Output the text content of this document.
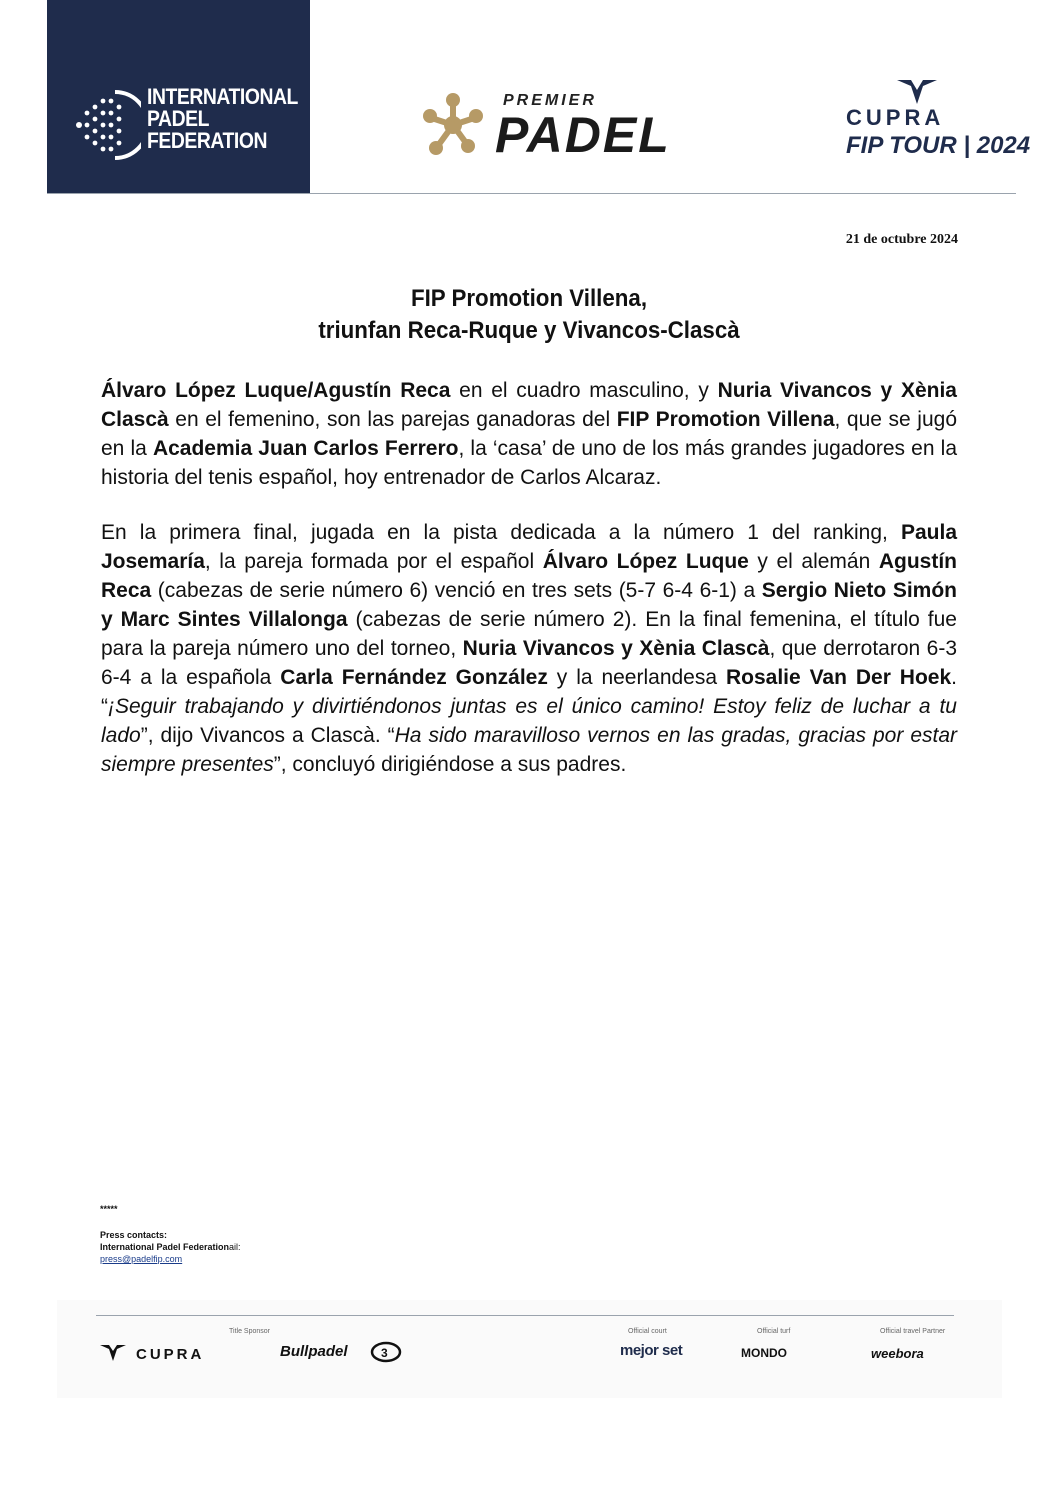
INTERNATIONAL
PADEL
FEDERATION
PREMIER
PADEL	CUPRA
FIP TOUR | 2024
21 de octubre 2024
FIP Promotion Villena,
triunfan Reca-Ruque y Vivancos-Clascà
Álvaro López Luque/Agustín Reca en el cuadro masculino, y Nuria Vivancos y Xènia Clascà en el femenino, son las parejas ganadoras del FIP Promotion Villena, que se jugó en la Academia Juan Carlos Ferrero, la ‘casa’ de uno de los más grandes jugadores en la historia del tenis español, hoy entrenador de Carlos Alcaraz.
En la primera final, jugada en la pista dedicada a la número 1 del ranking, Paula Josemaría, la pareja formada por el español Álvaro López Luque y el alemán Agustín Reca (cabezas de serie número 6) venció en tres sets (5-7 6-4 6-1) a Sergio Nieto Simón y Marc Sintes Villalonga (cabezas de serie número 2). En la final femenina, el título fue para la pareja número uno del torneo, Nuria Vivancos y Xènia Clascà, que derrotaron 6-3 6-4 a la española Carla Fernández González y la neerlandesa Rosalie Van Der Hoek. “¡Seguir trabajando y divirtiéndonos juntas es el único camino! Estoy feliz de luchar a tu lado”, dijo Vivancos a Clascà. “Ha sido maravilloso vernos en las gradas, gracias por estar siempre presentes”, concluyó dirigiéndose a sus padres.
*****
Press contacts:
International Padel Federationail:
press@padelfip.com
Title Sponsor
CUPRA	Bullpadel	3
Official court
mejor set
Official turf
MONDO
Official travel Partner
weebora
